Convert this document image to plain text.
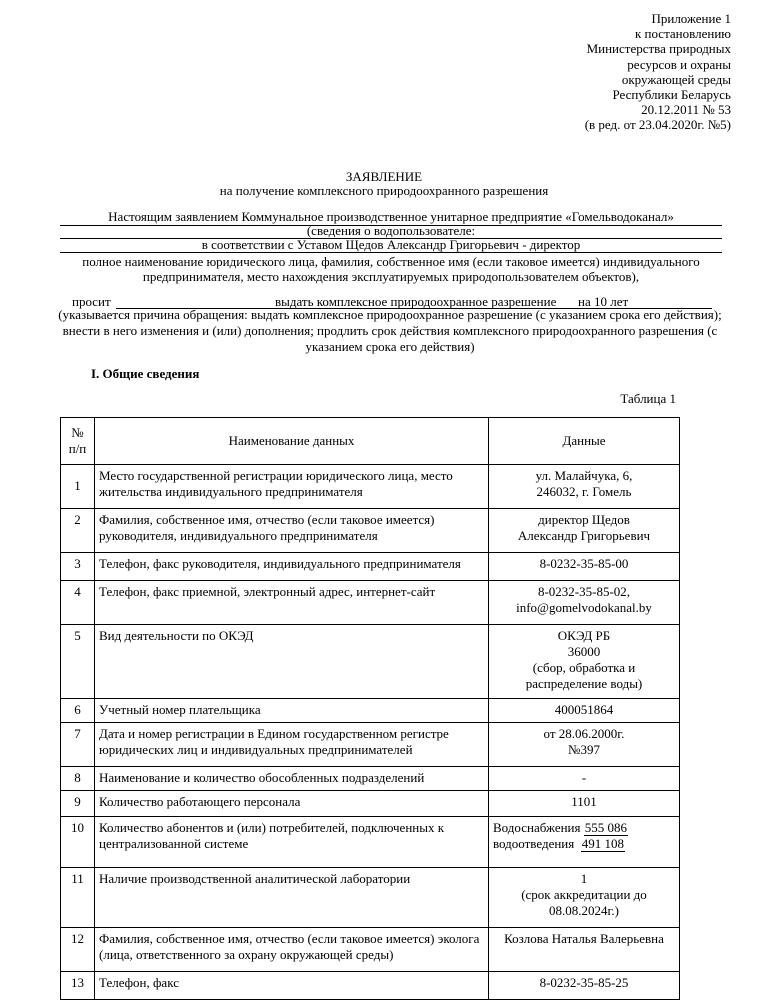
Приложение 1
к постановлению
Министерства природных
ресурсов и охраны
окружающей среды
Республики Беларусь
20.12.2011 № 53
(в ред. от 23.04.2020г. №5)
ЗАЯВЛЕНИЕ
на получение комплексного природоохранного разрешения
Настоящим заявлением Коммунальное производственное унитарное предприятие «Гомельводоканал»
(сведения о водопользователе:
в соответствии с Уставом Щедов Александр Григорьевич - директор
полное наименование юридического лица, фамилия, собственное имя (если таковое имеется) индивидуального предпринимателя, место нахождения эксплуатируемых природопользователем объектов),
просит	выдать комплексное природоохранное разрешение на 10 лет
(указывается причина обращения: выдать комплексное природоохранное разрешение (с указанием срока его действия); внести в него изменения и (или) дополнения; продлить срок действия комплексного природоохранного разрешения (с указанием срока его действия)
I. Общие сведения
Таблица 1
№
п/п	Наименование данных	Данные
1	Место государственной регистрации юридического лица, место жительства индивидуального предпринимателя	ул. Малайчука, 6,
246032, г. Гомель
2	Фамилия, собственное имя, отчество (если таковое имеется) руководителя, индивидуального предпринимателя	директор Щедов
Александр Григорьевич
3	Телефон, факс руководителя, индивидуального предпринимателя	8-0232-35-85-00
4	Телефон, факс приемной, электронный адрес, интернет-сайт	8-0232-35-85-02,
info@gomelvodokanal.by
5	Вид деятельности по ОКЭД	ОКЭД РБ
36000
(сбор, обработка и
распределение воды)
6	Учетный номер плательщика	400051864
7	Дата и номер регистрации в Едином государственном регистре юридических лиц и индивидуальных предпринимателей	от 28.06.2000г.
№397
8	Наименование и количество обособленных подразделений	-
9	Количество работающего персонала	1101
10	Количество абонентов и (или) потребителей, подключенных к централизованной системе	Водоснабжения 555 086
водоотведения 491 108

11	Наличие производственной аналитической лаборатории	1
(срок аккредитации до
08.08.2024г.)
12	Фамилия, собственное имя, отчество (если таковое имеется) эколога (лица, ответственного за охрану окружающей среды)	Козлова Наталья Валерьевна
13	Телефон, факс	8-0232-35-85-25
